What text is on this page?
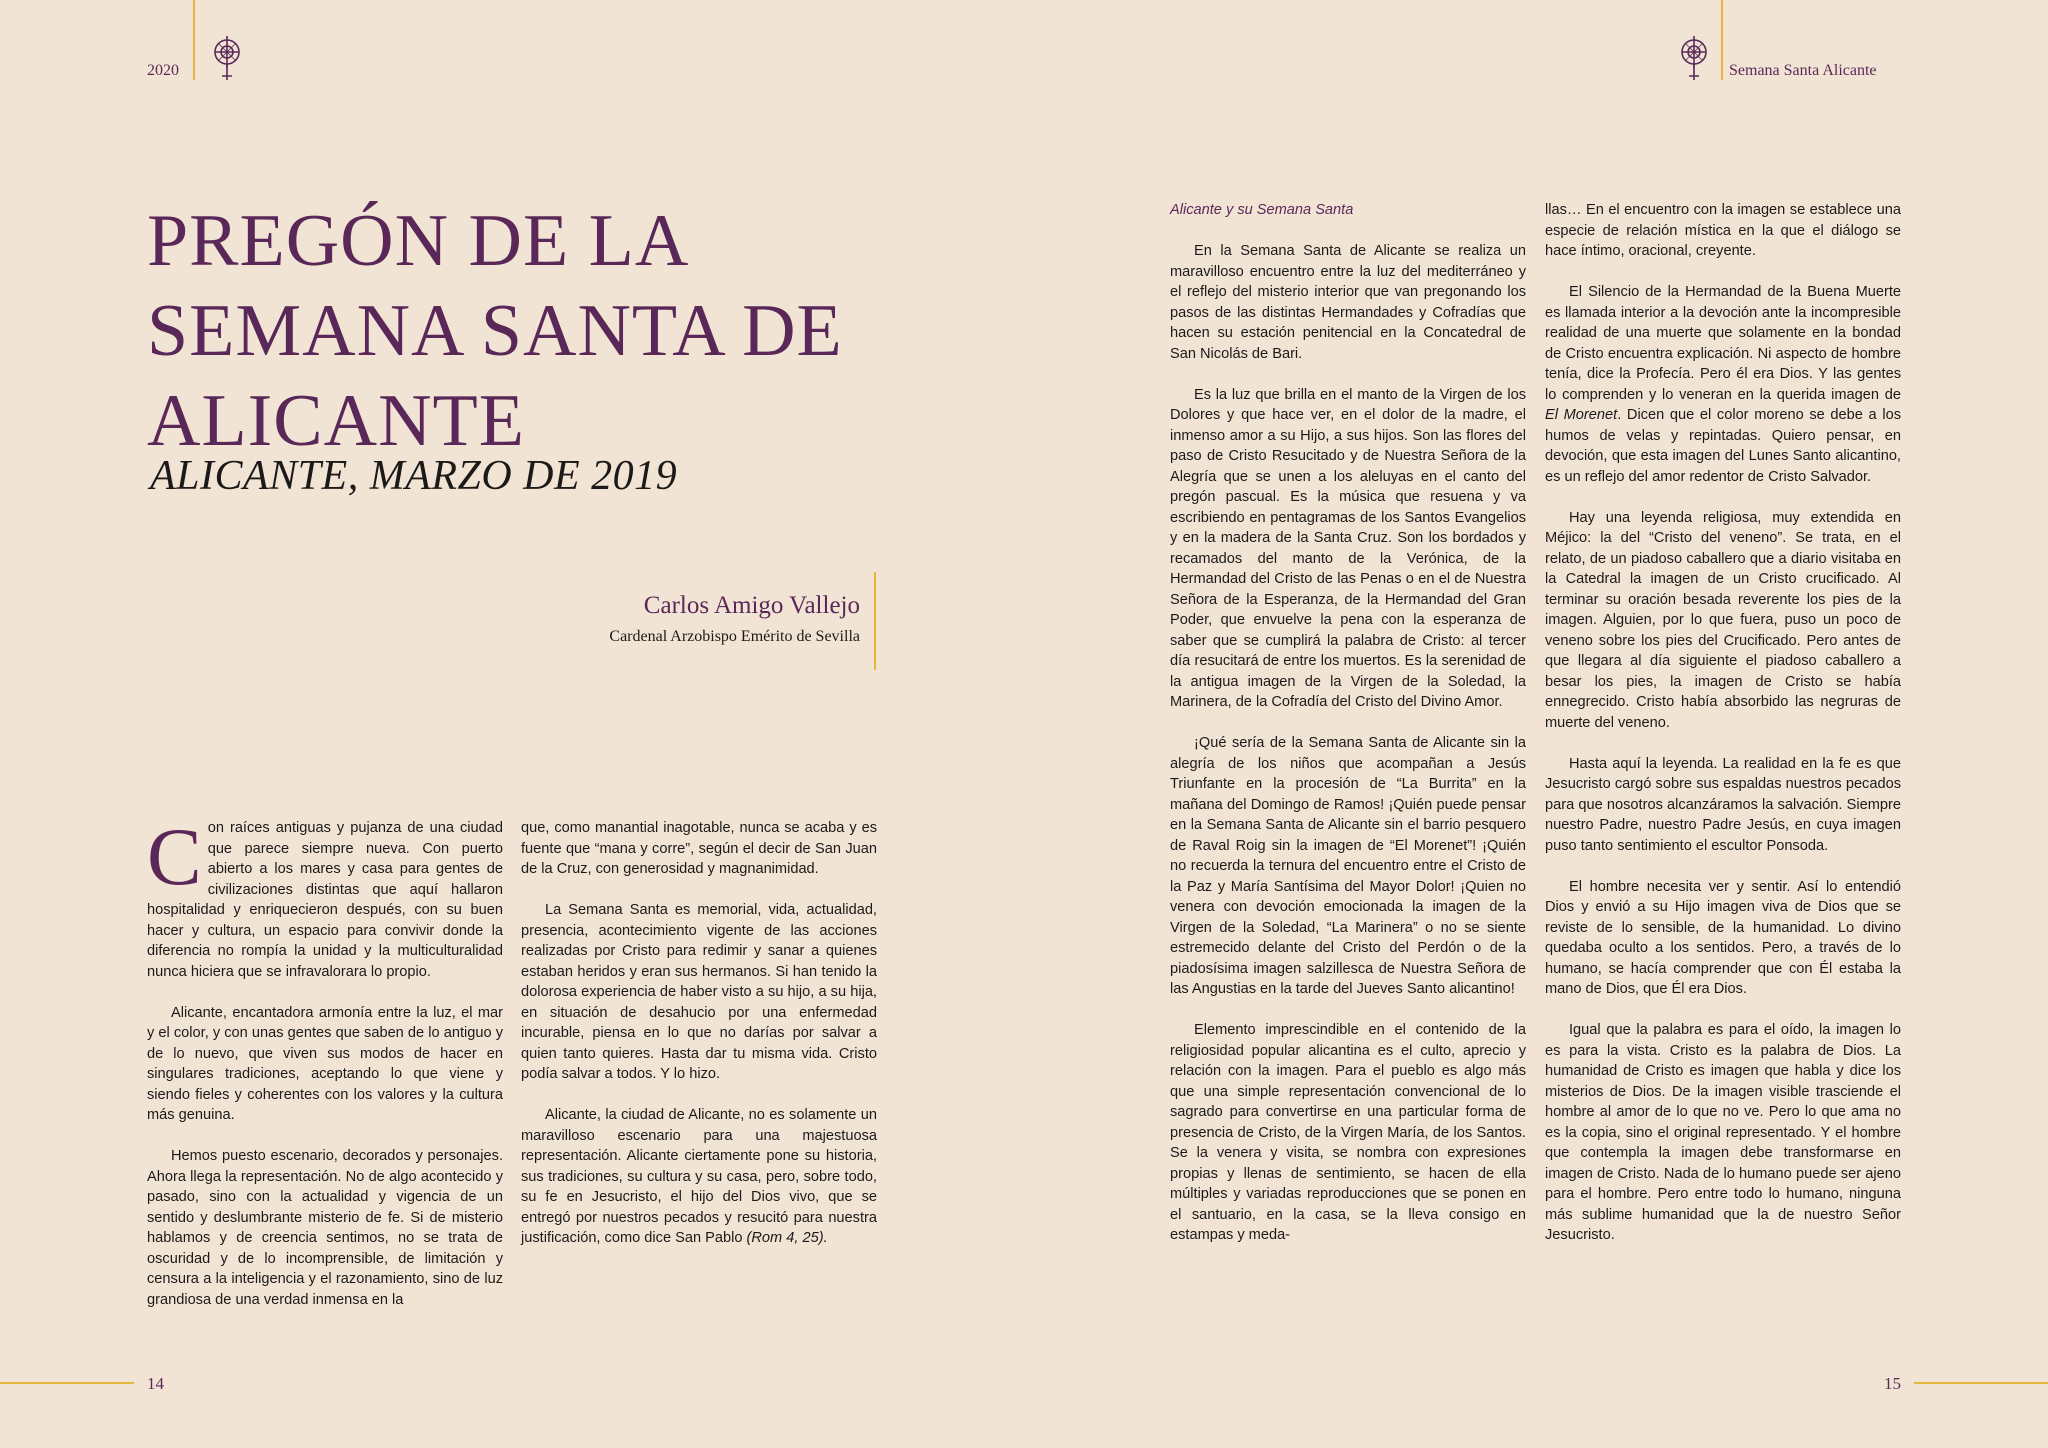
2020	Semana Santa Alicante
PREGÓN DE LA
SEMANA SANTA DE
ALICANTE
ALICANTE, MARZO DE 2019
Carlos Amigo Vallejo
Cardenal Arzobispo Emérito de Sevilla

Con raíces antiguas y pujanza de una ciudad que parece siempre nueva. Con puerto abierto a los mares y casa para gentes de civilizaciones distintas que aquí hallaron hospitalidad y enriquecieron después, con su buen hacer y cultura, un espacio para convivir donde la diferencia no rompía la unidad y la multiculturalidad nunca hiciera que se infravalorara lo propio.

Alicante, encantadora armonía entre la luz, el mar y el color, y con unas gentes que saben de lo antiguo y de lo nuevo, que viven sus modos de hacer en singulares tradiciones, aceptando lo que viene y siendo fieles y coherentes con los valores y la cultura más genuina.

Hemos puesto escenario, decorados y personajes. Ahora llega la representación. No de algo acontecido y pasado, sino con la actualidad y vigencia de un sentido y deslumbrante misterio de fe. Si de misterio hablamos y de creencia sentimos, no se trata de oscuridad y de lo incomprensible, de limitación y censura a la inteligencia y el razonamiento, sino de luz grandiosa de una verdad inmensa en la

que, como manantial inagotable, nunca se acaba y es fuente que “mana y corre”, según el decir de San Juan de la Cruz, con generosidad y magnanimidad.

La Semana Santa es memorial, vida, actualidad, presencia, acontecimiento vigente de las acciones realizadas por Cristo para redimir y sanar a quienes estaban heridos y eran sus hermanos. Si han tenido la dolorosa experiencia de haber visto a su hijo, a su hija, en situación de desahucio por una enfermedad incurable, piensa en lo que no darías por salvar a quien tanto quieres. Hasta dar tu misma vida. Cristo podía salvar a todos. Y lo hizo.

Alicante, la ciudad de Alicante, no es solamente un maravilloso escenario para una majestuosa representación. Alicante ciertamente pone su historia, sus tradiciones, su cultura y su casa, pero, sobre todo, su fe en Jesucristo, el hijo del Dios vivo, que se entregó por nuestros pecados y resucitó para nuestra justificación, como dice San Pablo (Rom 4, 25).

Alicante y su Semana Santa

En la Semana Santa de Alicante se realiza un maravilloso encuentro entre la luz del mediterráneo y el reflejo del misterio interior que van pregonando los pasos de las distintas Hermandades y Cofradías que hacen su estación penitencial en la Concatedral de San Nicolás de Bari.

Es la luz que brilla en el manto de la Virgen de los Dolores y que hace ver, en el dolor de la madre, el inmenso amor a su Hijo, a sus hijos. Son las flores del paso de Cristo Resucitado y de Nuestra Señora de la Alegría que se unen a los aleluyas en el canto del pregón pascual. Es la música que resuena y va escribiendo en pentagramas de los Santos Evangelios y en la madera de la Santa Cruz. Son los bordados y recamados del manto de la Verónica, de la Hermandad del Cristo de las Penas o en el de Nuestra Señora de la Esperanza, de la Hermandad del Gran Poder, que envuelve la pena con la esperanza de saber que se cumplirá la palabra de Cristo: al tercer día resucitará de entre los muertos. Es la serenidad de la antigua imagen de la Virgen de la Soledad, la Marinera, de la Cofradía del Cristo del Divino Amor.

¡Qué sería de la Semana Santa de Alicante sin la alegría de los niños que acompañan a Jesús Triunfante en la procesión de “La Burrita” en la mañana del Domingo de Ramos! ¡Quién puede pensar en la Semana Santa de Alicante sin el barrio pesquero de Raval Roig sin la imagen de “El Morenet”! ¡Quién no recuerda la ternura del encuentro entre el Cristo de la Paz y María Santísima del Mayor Dolor! ¡Quien no venera con devoción emocionada la imagen de la Virgen de la Soledad, “La Marinera” o no se siente estremecido delante del Cristo del Perdón o de la piadosísima imagen salzillesca de Nuestra Señora de las Angustias en la tarde del Jueves Santo alicantino!

Elemento imprescindible en el contenido de la religiosidad popular alicantina es el culto, aprecio y relación con la imagen. Para el pueblo es algo más que una simple representación convencional de lo sagrado para convertirse en una particular forma de presencia de Cristo, de la Virgen María, de los Santos. Se la venera y visita, se nombra con expresiones propias y llenas de sentimiento, se hacen de ella múltiples y variadas reproducciones que se ponen en el santuario, en la casa, se la lleva consigo en estampas y meda-

llas… En el encuentro con la imagen se establece una especie de relación mística en la que el diálogo se hace íntimo, oracional, creyente.

El Silencio de la Hermandad de la Buena Muerte es llamada interior a la devoción ante la incompresible realidad de una muerte que solamente en la bondad de Cristo encuentra explicación. Ni aspecto de hombre tenía, dice la Profecía. Pero él era Dios. Y las gentes lo comprenden y lo veneran en la querida imagen de El Morenet. Dicen que el color moreno se debe a los humos de velas y repintadas. Quiero pensar, en devoción, que esta imagen del Lunes Santo alicantino, es un reflejo del amor redentor de Cristo Salvador.

Hay una leyenda religiosa, muy extendida en Méjico: la del “Cristo del veneno”. Se trata, en el relato, de un piadoso caballero que a diario visitaba en la Catedral la imagen de un Cristo crucificado. Al terminar su oración besada reverente los pies de la imagen. Alguien, por lo que fuera, puso un poco de veneno sobre los pies del Crucificado. Pero antes de que llegara al día siguiente el piadoso caballero a besar los pies, la imagen de Cristo se había ennegrecido. Cristo había absorbido las negruras de muerte del veneno.

Hasta aquí la leyenda. La realidad en la fe es que Jesucristo cargó sobre sus espaldas nuestros pecados para que nosotros alcanzáramos la salvación. Siempre nuestro Padre, nuestro Padre Jesús, en cuya imagen puso tanto sentimiento el escultor Ponsoda.

El hombre necesita ver y sentir. Así lo entendió Dios y envió a su Hijo imagen viva de Dios que se reviste de lo sensible, de la humanidad. Lo divino quedaba oculto a los sentidos. Pero, a través de lo humano, se hacía comprender que con Él estaba la mano de Dios, que Él era Dios.

Igual que la palabra es para el oído, la imagen lo es para la vista. Cristo es la palabra de Dios. La humanidad de Cristo es imagen que habla y dice los misterios de Dios. De la imagen visible trasciende el hombre al amor de lo que no ve. Pero lo que ama no es la copia, sino el original representado. Y el hombre que contempla la imagen debe transformarse en imagen de Cristo. Nada de lo humano puede ser ajeno para el hombre. Pero entre todo lo humano, ninguna más sublime humanidad que la de nuestro Señor Jesucristo.

14	15
